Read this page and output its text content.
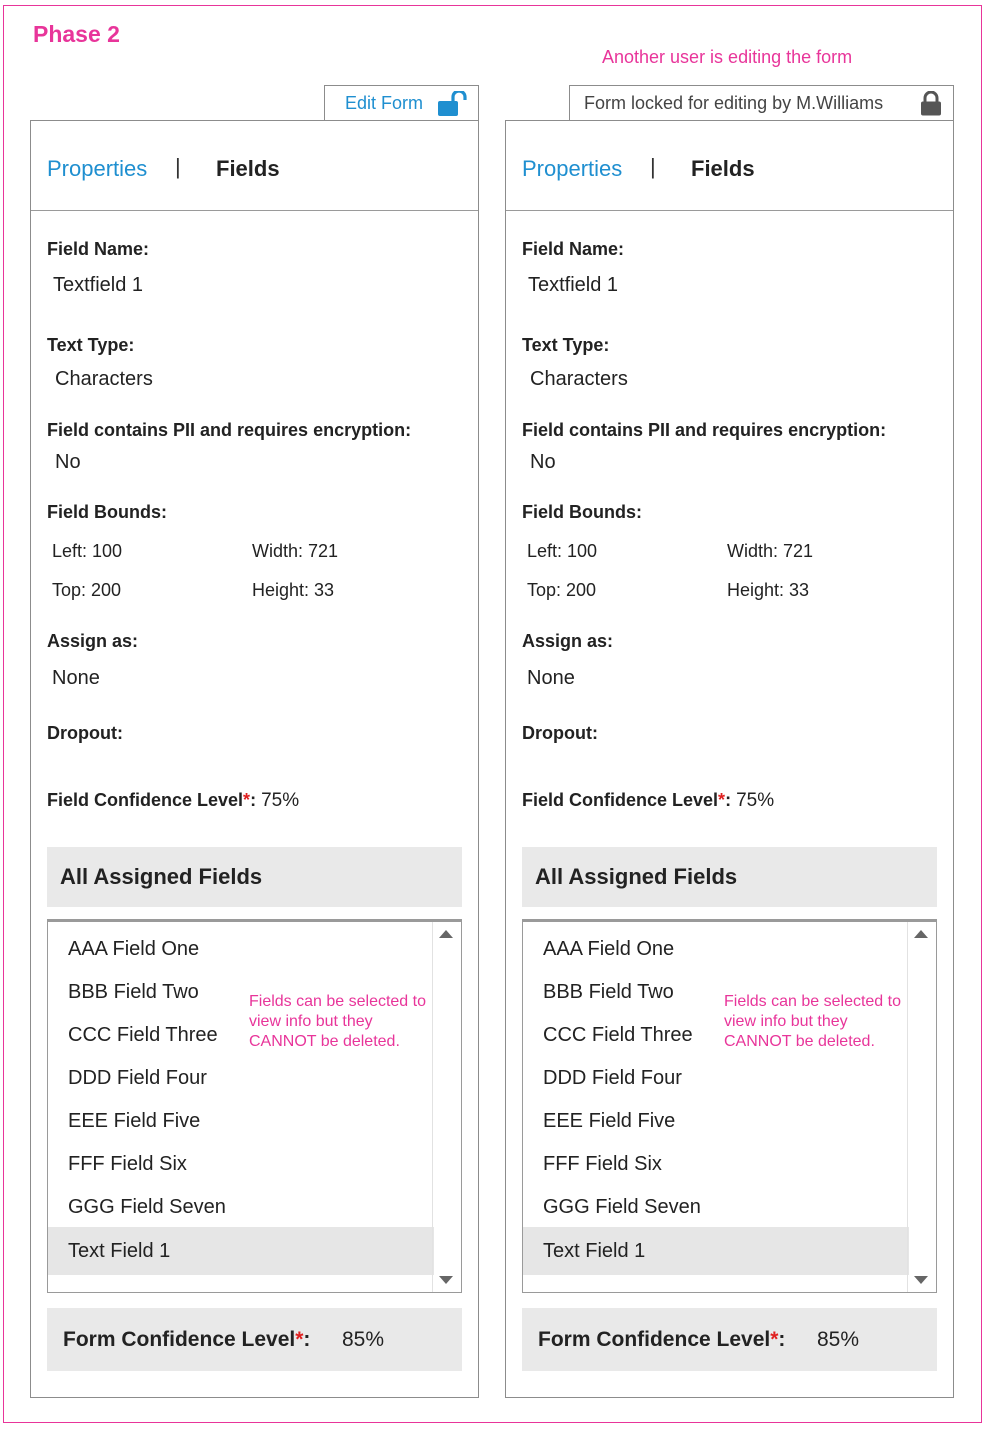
Phase 2
Another user is editing the form
Edit Form
Properties | Fields
Field Name:
Textfield 1
Text Type:
Characters
Field contains PII and requires encryption:
No
Field Bounds:
Left: 100	Width: 721
Top: 200	Height: 33
Assign as:
None
Dropout:
Field Confidence Level*: 75%
All Assigned Fields
AAA Field One
BBB Field Two
CCC Field Three
DDD Field Four
EEE Field Five
FFF Field Six
GGG Field Seven
Text Field 1
Fields can be selected to view info but they CANNOT be deleted.
Form Confidence Level*: 85%
Form locked for editing by M.Williams
Properties | Fields
Field Name:
Textfield 1
Text Type:
Characters
Field contains PII and requires encryption:
No
Field Bounds:
Left: 100	Width: 721
Top: 200	Height: 33
Assign as:
None
Dropout:
Field Confidence Level*: 75%
All Assigned Fields
AAA Field One
BBB Field Two
CCC Field Three
DDD Field Four
EEE Field Five
FFF Field Six
GGG Field Seven
Text Field 1
Fields can be selected to view info but they CANNOT be deleted.
Form Confidence Level*: 85%
